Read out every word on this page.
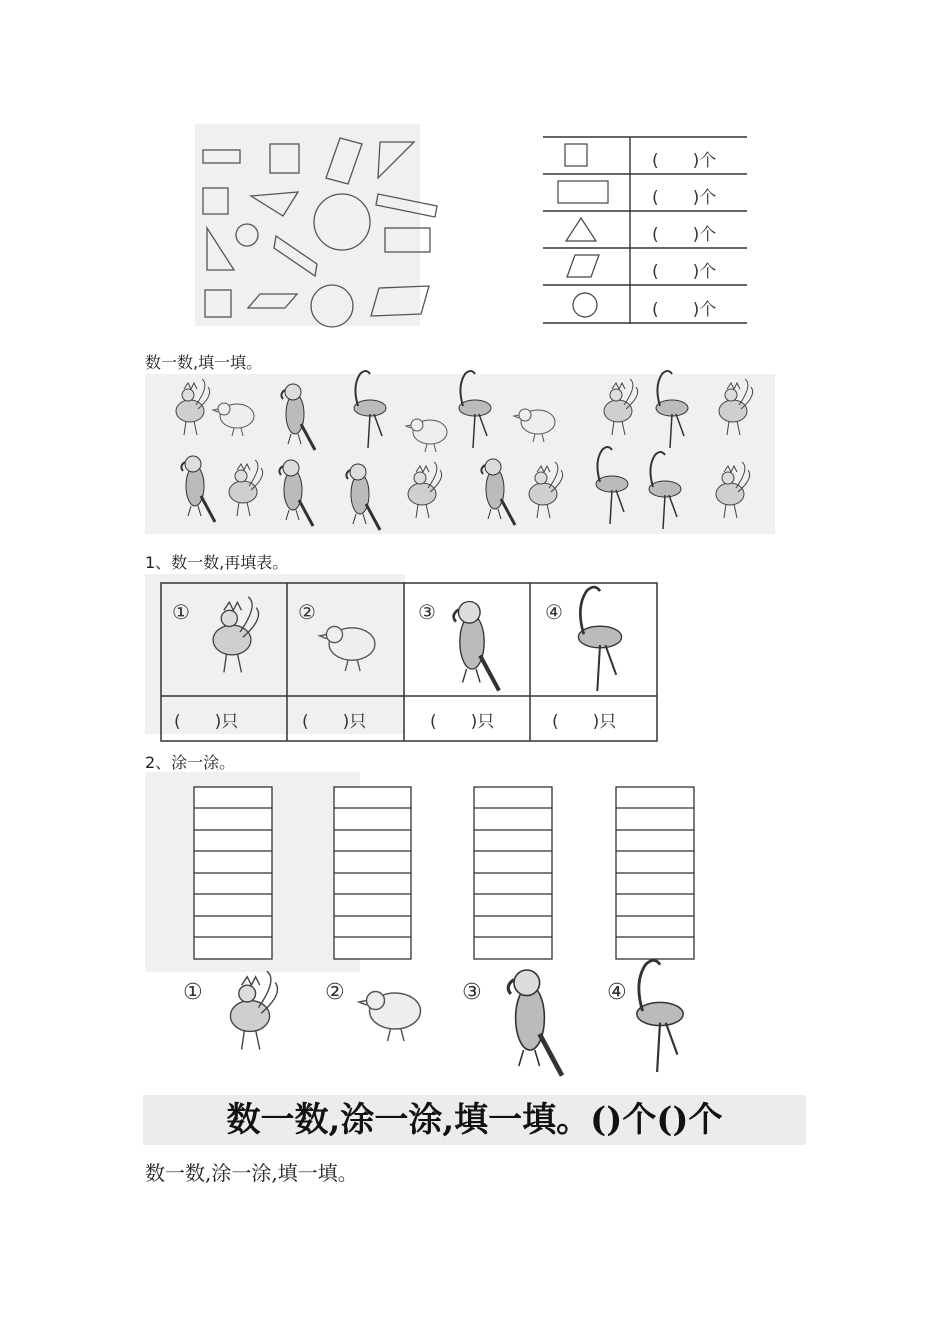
(　　)个
(　　)个
(　　)个
(　　)个
(　　)个
数一数,填一填。
1、数一数,再填表。
①	②	③	④
(　　)只	(　　)只	(　　)只	(　　)只
2、涂一涂。
①	②	③	④
数一数,涂一涂,填一填。()个()个
数一数,涂一涂,填一填。
